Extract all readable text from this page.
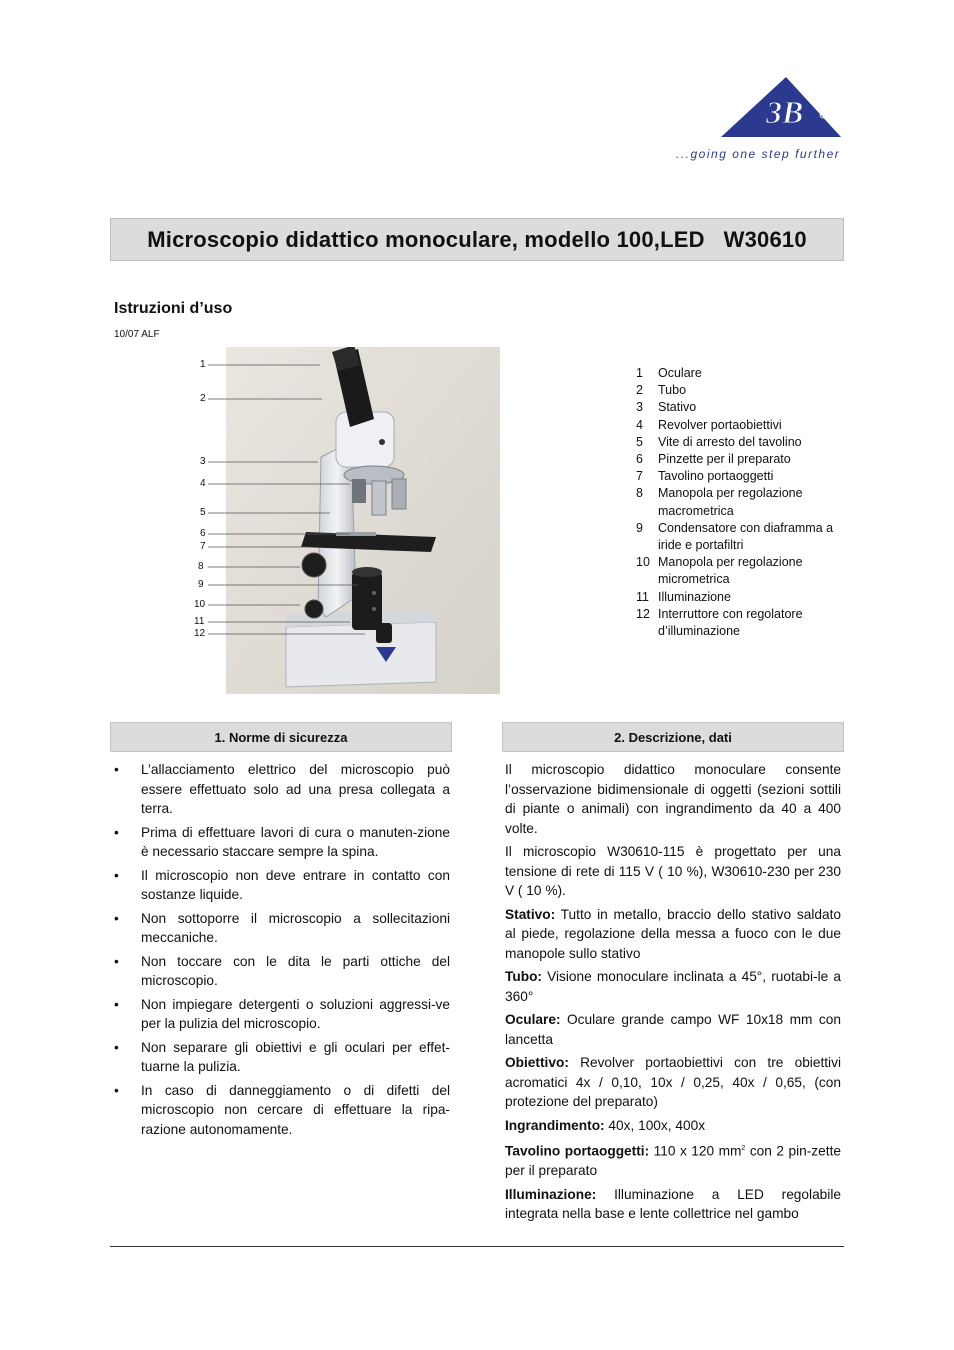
3B
...going one step further
Microscopio didattico monoculare, modello 100,LED   W30610
Istruzioni d’uso
10/07 ALF
1
2
3
4
5
6
7
8
9
10
11
12
1	Oculare
2	Tubo
3	Stativo
4	Revolver portaobiettivi
5	Vite di arresto del tavolino
6	Pinzette per il preparato
7	Tavolino portaoggetti
8	Manopola per regolazione macrometrica
9	Condensatore con diaframma a iride e portafiltri
10 Manopola per regolazione micrometrica
11 Illuminazione
12 Interruttore con regolatore d’illuminazione
1. Norme di sicurezza	2. Descrizione, dati
•	L’allacciamento elettrico del microscopio può essere effettuato solo ad una presa collegata a terra.
•	Prima di effettuare lavori di cura o manuten-zione è necessario staccare sempre la spina.
•	Il microscopio non deve entrare in contatto con sostanze liquide.
•	Non sottoporre il microscopio a sollecitazioni meccaniche.
•	Non toccare con le dita le parti ottiche del microscopio.
•	Non impiegare detergenti o soluzioni aggressi-ve per la pulizia del microscopio.
•	Non separare gli obiettivi e gli oculari per effet-tuarne la pulizia.
•	In caso di danneggiamento o di difetti del microscopio non cercare di effettuare la ripa-razione autonomamente.

Il microscopio didattico monoculare consente l’osservazione bidimensionale di oggetti (sezioni sottili di piante o animali) con ingrandimento da 40 a 400 volte.

Il microscopio W30610-115 è progettato per una tensione di rete di 115 V ( 10 %), W30610-230 per 230 V ( 10 %).

Stativo: Tutto in metallo, braccio dello stativo saldato al piede, regolazione della messa a fuoco con le due manopole sullo stativo

Tubo: Visione monoculare inclinata a 45°, ruotabi-le a 360°

Oculare: Oculare grande campo WF 10x18 mm con lancetta

Obiettivo: Revolver portaobiettivi con tre obiettivi acromatici 4x / 0,10, 10x / 0,25, 40x / 0,65, (con protezione del preparato)

Ingrandimento: 40x, 100x, 400x

Tavolino portaoggetti: 110 x 120 $mm^2$ con 2 pin-zette per il preparato

Illuminazione: Illuminazione a LED regolabile integrata nella base e lente collettrice nel gambo
